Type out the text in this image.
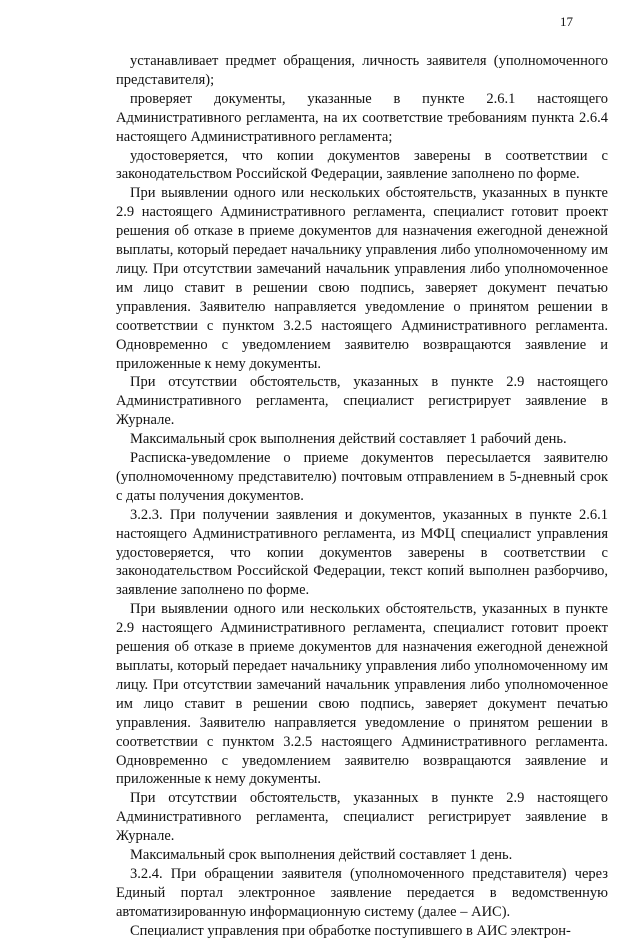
17

устанавливает предмет обращения, личность заявителя (уполномоченного представителя);

проверяет документы, указанные в пункте 2.6.1 настоящего Административного регламента, на их соответствие требованиям пункта 2.6.4 настоящего Административного регламента;

удостоверяется, что копии документов заверены в соответствии с законодательством Российской Федерации, заявление заполнено по форме.

При выявлении одного или нескольких обстоятельств, указанных в пункте 2.9 настоящего Административного регламента, специалист готовит проект решения об отказе в приеме документов для назначения ежегодной денежной выплаты, который передает начальнику управления либо уполномоченному им лицу. При отсутствии замечаний начальник управления либо уполномоченное им лицо ставит в решении свою подпись, заверяет документ печатью управления. Заявителю направляется уведомление о принятом решении в соответствии с пунктом 3.2.5 настоящего Административного регламента. Одновременно с уведомлением заявителю возвращаются заявление и приложенные к нему документы.

При отсутствии обстоятельств, указанных в пункте 2.9 настоящего Административного регламента, специалист регистрирует заявление в Журнале.

Максимальный срок выполнения действий составляет 1 рабочий день.

Расписка-уведомление о приеме документов пересылается заявителю (уполномоченному представителю) почтовым отправлением в 5-дневный срок с даты получения документов.

3.2.3. При получении заявления и документов, указанных в пункте 2.6.1 настоящего Административного регламента, из МФЦ специалист управления удостоверяется, что копии документов заверены в соответствии с законодательством Российской Федерации, текст копий выполнен разборчиво, заявление заполнено по форме.

При выявлении одного или нескольких обстоятельств, указанных в пункте 2.9 настоящего Административного регламента, специалист готовит проект решения об отказе в приеме документов для назначения ежегодной денежной выплаты, который передает начальнику управления либо уполномоченному им лицу. При отсутствии замечаний начальник управления либо уполномоченное им лицо ставит в решении свою подпись, заверяет документ печатью управления. Заявителю направляется уведомление о принятом решении в соответствии с пунктом 3.2.5 настоящего Административного регламента. Одновременно с уведомлением заявителю возвращаются заявление и приложенные к нему документы.

При отсутствии обстоятельств, указанных в пункте 2.9 настоящего Административного регламента, специалист регистрирует заявление в Журнале.

Максимальный срок выполнения действий составляет 1 день.

3.2.4. При обращении заявителя (уполномоченного представителя) через Единый портал электронное заявление передается в ведомственную автоматизированную информационную систему (далее – АИС).

Специалист управления при обработке поступившего в АИС электрон-
